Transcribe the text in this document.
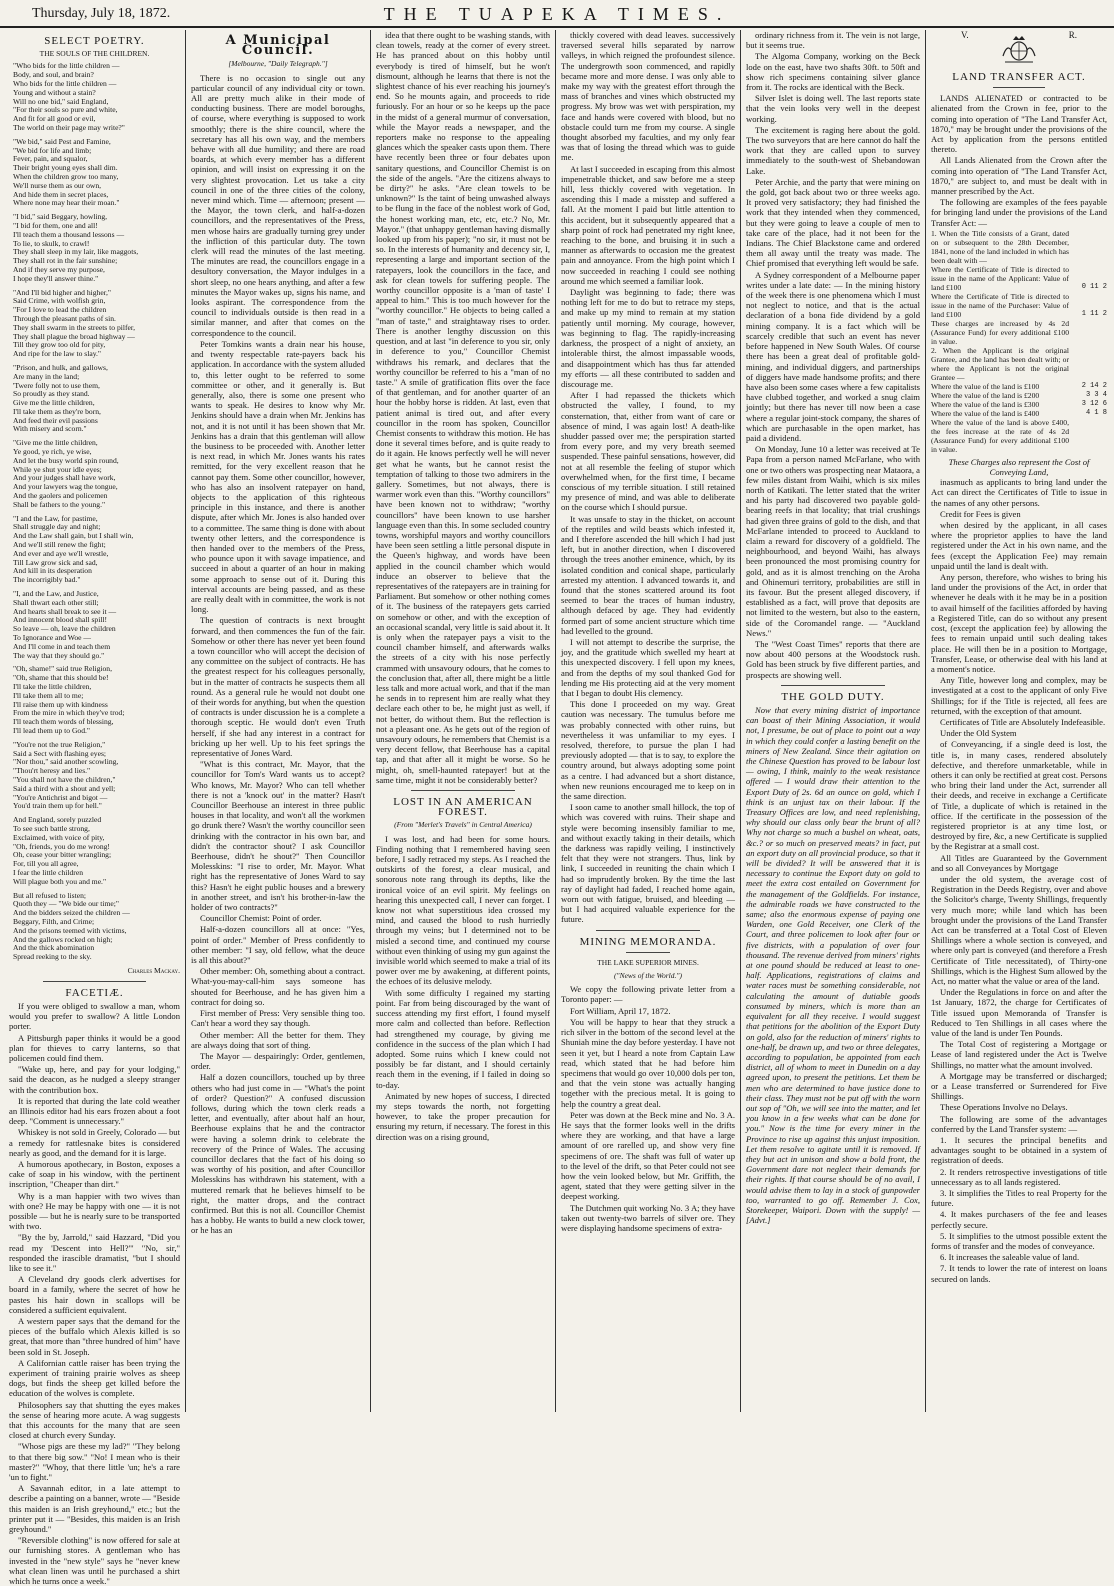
Thursday, July 18, 1872.	THE TUAPEKA TIMES.
SELECT POETRY.
THE SOULS OF THE CHILDREN.
"Who bids for the little children —
Body, and soul, and brain?
Who bids for the little children —
Young and without a stain?
Will no one bid," said England,
"For their souls so pure and white,
And fit for all good or evil,
The world on their page may write?"
"We bid," said Pest and Famine,
"We bid for life and limb;
Fever, pain, and squalor,
Their bright young eyes shall dim.
When the children grow too many,
We'll nurse them as our own,
And hide them in secret places,
Where none may hear their moan."
"I bid," said Beggary, howling,
"I bid for them, one and all!
I'll teach them a thousand lessons —
To lie, to skulk, to crawl!
They shall sleep in my lair, like maggots,
They shall rot in the fair sunshine;
And if they serve my purpose,
I hope they'll answer thine."
"And I'll bid higher and higher,"
Said Crime, with wolfish grin,
"For I love to lead the children
Through the pleasant paths of sin.
They shall swarm in the streets to pilfer,
They shall plague the broad highway —
Till they grow too old for pity,
And ripe for the law to slay."
"Prison, and hulk, and gallows,
Are many in the land;
'Twere folly not to use them,
So proudly as they stand.
Give me the little children,
I'll take them as they're born,
And feed their evil passions
With misery and scorn."
"Give me the little children,
Ye good, ye rich, ye wise,
And let the busy world spin round,
While ye shut your idle eyes;
And your judges shall have work,
And your lawyers wag the tongue,
And the gaolers and policemen
Shall be fathers to the young."
"I and the Law, for pastime,
Shall struggle day and night;
And the Law shall gain, but I shall win,
And we'll still renew the fight;
And ever and aye we'll wrestle,
Till Law grow sick and sad,
And kill in its desperation
The incorrigibly bad."
"I, and the Law, and Justice,
Shall thwart each other still;
And hearts shall break to see it —
And innocent blood shall spill!
So leave — oh, leave the children
To Ignorance and Woe —
And I'll come in and teach them
The way that they should go."
"Oh, shame!" said true Religion,
"Oh, shame that this should be!
I'll take the little children,
I'll take them all to me;
I'll raise them up with kindness
From the mire in which they've trod;
I'll teach them words of blessing,
I'll lead them up to God."
"You're not the true Religion,"
Said a Sect with flashing eyes;
"Nor thou," said another scowling,
"Thou'rt heresy and lies."
"You shall not have the children,"
Said a third with a shout and yell;
"You're Antichrist and bigot —
You'd train them up for hell."
And England, sorely puzzled
To see such battle strong,
Exclaimed, with voice of pity,
"Oh, friends, you do me wrong!
Oh, cease your bitter wrangling;
For, till you all agree,
I fear the little children
Will plague both you and me."
But all refused to listen;
Quoth they — "We bide our time;"
And the bidders seized the children —
Beggary, Filth, and Crime;
And the prisons teemed with victims,
And the gallows rocked on high;
And the thick abomination
Spread reeking to the sky.
Charles Mackay.
FACETIÆ.

If you were obliged to swallow a man, whom would you prefer to swallow? A little London porter.

A Pittsburgh paper thinks it would be a good plan for thieves to carry lanterns, so that policemen could find them.

"Wake up, here, and pay for your lodging," said the deacon, as he nudged a sleepy stranger with the contribution box.

It is reported that during the late cold weather an Illinois editor had his ears frozen about a foot deep. "Comment is unnecessary."

Whiskey is not sold in Greely, Colorado — but a remedy for rattlesnake bites is considered nearly as good, and the demand for it is large.

A humorous apothecary, in Boston, exposes a cake of soap in his window, with the pertinent inscription, "Cheaper than dirt."

Why is a man happier with two wives than with one? He may be happy with one — it is not possible — but he is nearly sure to be transported with two.

"By the by, Jarrold," said Hazzard, "Did you read my 'Descent into Hell?'" "No, sir," responded the irascible dramatist, "but I should like to see it."

A Cleveland dry goods clerk advertises for board in a family, where the secret of how he pastes his hair down in scallops will be considered a sufficient equivalent.

A western paper says that the demand for the pieces of the buffalo which Alexis killed is so great, that more than "three hundred of him" have been sold in St. Joseph.

A Californian cattle raiser has been trying the experiment of training prairie wolves as sheep dogs, but finds the sheep get killed before the education of the wolves is complete.

Philosophers say that shutting the eyes makes the sense of hearing more acute. A wag suggests that this accounts for the many that are seen closed at church every Sunday.

"Whose pigs are these my lad?" "They belong to that there big sow." "No! I mean who is their master?" "Whoy, that there little 'un; he's a rare 'un to fight."

A Savannah editor, in a late attempt to describe a painting on a banner, wrote — "Beside this maiden is an Irish greyhound," etc.; but the printer put it — "Besides, this maiden is an Irish greyhound."

"Reversible clothing" is now offered for sale at our furnishing stores. A gentleman who has invested in the "new style" says he "never knew what clean linen was until he purchased a shirt which he turns once a week."

A Municipal Council.
[Melbourne, "Daily Telegraph."]

There is no occasion to single out any particular council of any individual city or town. All are pretty much alike in their mode of conducting business. There are model boroughs, of course, where everything is supposed to work smoothly; there is the shire council, where the secretary has all his own way, and the members behave with all due humility; and there are road boards, at which every member has a different opinion, and will insist on expressing it on the very slightest provocation. Let us take a city council in one of the three cities of the colony, never mind which. Time — afternoon; present — the Mayor, the town clerk, and half-a-dozen councillors, and the representatives of the Press, men whose hairs are gradually turning grey under the infliction of this particular duty. The town clerk will read the minutes of the last meeting. The minutes are read, the councillors engage in a desultory conversation, the Mayor indulges in a short sleep, no one hears anything, and after a few minutes the Mayor wakes up, signs his name, and looks aspirant. The correspondence from the council to individuals outside is then read in a similar manner, and after that comes on the correspondence to the council.

Peter Tomkins wants a drain near his house, and twenty respectable rate-payers back his application. In accordance with the system alluded to, this letter ought to be referred to some committee or other, and it generally is. But generally, also, there is some one present who wants to speak. He desires to know why Mr. Jenkins should have a drain when Mr. Jenkins has not, and it is not until it has been shown that Mr. Jenkins has a drain that this gentleman will allow the business to be proceeded with. Another letter is next read, in which Mr. Jones wants his rates remitted, for the very excellent reason that he cannot pay them. Some other councillor, however, who has also an insolvent ratepayer on hand, objects to the application of this righteous principle in this instance, and there is another dispute, after which Mr. Jones is also handed over to a committee. The same thing is done with about twenty other letters, and the correspondence is then handed over to the members of the Press, who pounce upon it with savage impatience, and succeed in about a quarter of an hour in making some approach to sense out of it. During this interval accounts are being passed, and as these are really dealt with in committee, the work is not long.

The question of contracts is next brought forward, and then commences the fun of the fair. Somehow or other there has never yet been found a town councillor who will accept the decision of any committee on the subject of contracts. He has the greatest respect for his colleagues personally, but in the matter of contracts he suspects them all round. As a general rule he would not doubt one of their words for anything, but when the question of contracts is under discussion he is a complete a thorough sceptic. He would don't even Truth herself, if she had any interest in a contract for bricking up her well. Up to his feet springs the representative of Jones Ward.

"What is this contract, Mr. Mayor, that the councillor for Tom's Ward wants us to accept? Who knows, Mr. Mayor? Who can tell whether there is not a 'knock out' in the matter? Hasn't Councillor Beerhouse an interest in three public houses in that locality, and won't all the workmen go drunk there? Wasn't the worthy councillor seen drinking with the contractor in his own bar, and didn't the contractor shout? I ask Councillor Beerhouse, didn't he shout?" Then Councillor Molesskins: "I rise to order, Mr. Mayor. What right has the representative of Jones Ward to say this? Hasn't he eight public houses and a brewery in another street, and isn't his brother-in-law the holder of two contracts?"

Councillor Chemist: Point of order.

Half-a-dozen councillors all at once: "Yes, point of order." Member of Press confidently to other member: "I say, old fellow, what the deuce is all this about?"

Other member: Oh, something about a contract. What-you-may-call-him says someone has shouted for Beerhouse, and he has given him a contract for doing so.

First member of Press: Very sensible thing too. Can't hear a word they say though.

Other member: All the better for them. They are always doing that sort of thing.

The Mayor — despairingly: Order, gentlemen, order.

Half a dozen councillors, touched up by three others who had just come in — "What's the point of order? Question?" A confused discussion follows, during which the town clerk reads a letter, and eventually, after about half an hour, Beerhouse explains that he and the contractor were having a solemn drink to celebrate the recovery of the Prince of Wales. The accusing councillor declares that the fact of his doing so was worthy of his position, and after Councillor Molesskins has withdrawn his statement, with a muttered remark that he believes himself to be right, the matter drops, and the contract confirmed. But this is not all. Councillor Chemist has a hobby. He wants to build a new clock tower, or he has an

idea that there ought to be washing stands, with clean towels, ready at the corner of every street. He has pranced about on this hobby until everybody is tired of himself, but he won't dismount, although he learns that there is not the slightest chance of his ever reaching his journey's end. So he mounts again, and proceeds to ride furiously. For an hour or so he keeps up the pace in the midst of a general murmur of conversation, while the Mayor reads a newspaper, and the reporters make no response to the appealing glances which the speaker casts upon them. There have recently been three or four debates upon sanitary questions, and Councillor Chemist is on the side of the angels. "Are the citizens always to be dirty?" he asks. "Are clean towels to be unknown?" Is the taint of being unwashed always to be flung in the face of the noblest work of God, the honest working man, etc, etc, etc.? No, Mr. Mayor." (that unhappy gentleman having dismally looked up from his paper); "no sir, it must not be so. In the interests of humanity and decency sir, I, representing a large and important section of the ratepayers, look the councillors in the face, and ask for clean towels for suffering people. The worthy councillor opposite is a 'man of taste' I appeal to him." This is too much however for the "worthy councillor." He objects to being called a "man of taste," and straightaway rises to order. There is another lengthy discussion on this question, and at last "in deference to you sir, only in deference to you," Councillor Chemist withdraws his remark, and declares that the worthy councillor be referred to his a "man of no taste." A smile of gratification flits over the face of that gentleman, and for another quarter of an hour the hobby horse is ridden. At last, even that patient animal is tired out, and after every councillor in the room has spoken, Councillor Chemist consents to withdraw this motion. He has done it several times before, and is quite ready to do it again. He knows perfectly well he will never get what he wants, but he cannot resist the temptation of talking to those two admirers in the gallery. Sometimes, but not always, there is warmer work even than this. "Worthy councillors" have been known not to withdraw; "worthy councillors" have been known to use harsher language even than this. In some secluded country towns, worshipful mayors and worthy councillors have been seen settling a little personal dispute in the Queen's highway, and words have been applied in the council chamber which would induce an observer to believe that the representatives of the ratepayers are in training for Parliament. But somehow or other nothing comes of it. The business of the ratepayers gets carried on somehow or other, and with the exception of an occasional scandal, very little is said about it. It is only when the ratepayer pays a visit to the council chamber himself, and afterwards walks the streets of a city with his nose perfectly crammed with unsavoury odours, that he comes to the conclusion that, after all, there might be a little less talk and more actual work, and that if the man he sends in to represent him are really what they declare each other to be, he might just as well, if not better, do without them. But the reflection is not a pleasant one. As he gets out of the region of unsavoury odours, he remembers that Chemist is a very decent fellow, that Beerhouse has a capital tap, and that after all it might be worse. So he might, oh, smell-haunted ratepayer! but at the same time, might it not be considerably better?

LOST IN AN AMERICAN FOREST.
(From "Merlet's Travels" in Central America)

I was lost, and had been for some hours. Finding nothing that I remembered having seen before, I sadly retraced my steps. As I reached the outskirts of the forest, a clear musical, and sonorous note rang through its depths, like the ironical voice of an evil spirit. My feelings on hearing this unexpected call, I never can forget. I know not what superstitious idea crossed my mind, and caused the blood to rush hurriedly through my veins; but I determined not to be misled a second time, and continued my course without even thinking of using my gun against the invisible world which seemed to make a trial of its power over me by awakening, at different points, the echoes of its delusive melody.

With some difficulty I regained my starting point. Far from being discouraged by the want of success attending my first effort, I found myself more calm and collected than before. Reflection had strengthened my courage, by giving me confidence in the success of the plan which I had adopted. Some ruins which I knew could not possibly be far distant, and I should certainly reach them in the evening, if I failed in doing so to-day.

Animated by new hopes of success, I directed my steps towards the north, not forgetting however, to take the proper precaution for ensuring my return, if necessary. The forest in this direction was on a rising ground,

thickly covered with dead leaves. successively traversed several hills separated by narrow valleys, in which reigned the profoundest silence. The undergrowth soon commenced, and rapidly became more and more dense. I was only able to make my way with the greatest effort through the mass of branches and vines which obstructed my progress. My brow was wet with perspiration, my face and hands were covered with blood, but no obstacle could turn me from my course. A single thought absorbed my faculties, and my only fear was that of losing the thread which was to guide me.

At last I succeeded in escaping from this almost impenetrable thicket, and saw before me a steep hill, less thickly covered with vegetation. In ascending this I made a misstep and suffered a fall. At the moment I paid but little attention to this accident, but it subsequently appeared that a sharp point of rock had penetrated my right knee, reaching to the bone, and bruising it in such a manner as afterwards to occasion me the greatest pain and annoyance. From the high point which I now succeeded in reaching I could see nothing around me which seemed a familiar look.

Daylight was beginning to fade; there was nothing left for me to do but to retrace my steps, and make up my mind to remain at my station patiently until morning. My courage, however, was beginning to flag. The rapidly-increasing darkness, the prospect of a night of anxiety, an intolerable thirst, the almost impassable woods, and disappointment which has thus far attended my efforts — all these contributed to sadden and discourage me.

After I had repassed the thickets which obstructed the valley, I found, to my consternation, that, either from want of care or absence of mind, I was again lost! A death-like shudder passed over me; the perspiration started from every pore, and my very breath seemed suspended. These painful sensations, however, did not at all resemble the feeling of stupor which overwhelmed when, for the first time, I became conscious of my terrible situation. I still retained my presence of mind, and was able to deliberate on the course which I should pursue.

It was unsafe to stay in the thicket, on account of the reptiles and wild beasts which infested it, and I therefore ascended the hill which I had just left, but in another direction, when I discovered through the trees another eminence, which, by its isolated condition and conical shape, particularly arrested my attention. I advanced towards it, and found that the stones scattered around its foot seemed to bear the traces of human industry, although defaced by age. They had evidently formed part of some ancient structure which time had levelled to the ground.

I will not attempt to describe the surprise, the joy, and the gratitude which swelled my heart at this unexpected discovery. I fell upon my knees, and from the depths of my soul thanked God for lending me His protecting aid at the very moment that I began to doubt His clemency.

This done I proceeded on my way. Great caution was necessary. The tumulus before me was probably connected with other ruins, but nevertheless it was unfamiliar to my eyes. I resolved, therefore, to pursue the plan I had previously adopted — that is to say, to explore the country around, but always adopting some point as a centre. I had advanced but a short distance, when new reunions encouraged me to keep on in the same direction.

I soon came to another small hillock, the top of which was covered with ruins. Their shape and style were becoming insensibly familiar to me, and without exactly taking in their details, which the darkness was rapidly veiling, I instinctively felt that they were not strangers. Thus, link by link, I succeeded in reuniting the chain which I had so imprudently broken. By the time the last ray of daylight had faded, I reached home again, worn out with fatigue, bruised, and bleeding — but I had acquired valuable experience for the future.

MINING MEMORANDA.
THE LAKE SUPERIOR MINES.
("News of the World.")

We copy the following private letter from a Toronto paper: —

Fort William, April 17, 1872.

You will be happy to hear that they struck a rich silver in the bottom of the second level at the Shuniah mine the day before yesterday. I have not seen it yet, but I heard a note from Captain Law read, which stated that he had before him specimens that would go over 10,000 dols per ton, and that the vein stone was actually hanging together with the precious metal. It is going to help the country a great deal.

Peter was down at the Beck mine and No. 3 A. He says that the former looks well in the drifts where they are working, and that have a large amount of ore rarelled up, and show very fine specimens of ore. The shaft was full of water up to the level of the drift, so that Peter could not see how the vein looked below, but Mr. Griffith, the agent, stated that they were getting silver in the deepest working.

The Dutchmen quit working No. 3 A; they have taken out twenty-two barrels of silver ore. They were displaying handsome specimens of extra-

ordinary richness from it. The vein is not large, but it seems true.

The Algoma Company, working on the Beck lode on the east, have two shafts 30ft. to 50ft and show rich specimens containing silver glance from it. The rocks are identical with the Beck.

Silver Islet is doing well. The last reports state that the vein looks very well in the deepest working.

The excitement is raging here about the gold. The two surveyors that are here cannot do half the work that they are called upon to survey immediately to the south-west of Shebandowan Lake.

Peter Archie, and the party that were mining on the gold, got back about two or three weeks ago. It proved very satisfactory; they had finished the work that they intended when they commenced, but they were going to leave a couple of men to take care of the place, had it not been for the Indians. The Chief Blackstone came and ordered them all away until the treaty was made. The Chief promised that everything left would be safe.

A Sydney correspondent of a Melbourne paper writes under a late date: — In the mining history of the week there is one phenomena which I must not neglect to notice, and that is the actual declaration of a bona fide dividend by a gold mining company. It is a fact which will be scarcely credible that such an event has never before happened in New South Wales. Of course there has been a great deal of profitable gold-mining, and individual diggers, and partnerships of diggers have made handsome profits; and there have also been some cases where a few capitalists have clubbed together, and worked a snug claim jointly; but there has never till now been a case where a regular joint-stock company, the shares of which are purchasable in the open market, has paid a dividend.

On Monday, June 10 a letter was received at Te Papa from a person named McFarlane, who with one or two others was prospecting near Mataora, a few miles distant from Waihi, which is six miles north of Katikati. The letter stated that the writer and his party had discovered two payable gold-bearing reefs in that locality; that trial crushings had given three grains of gold to the dish, and that McFarlane intended to proceed to Auckland to claim a reward for discovery of a goldfield. The neighbourhood, and beyond Waihi, has always been pronounced the most promising country for gold, and as it is almost trenching on the Aroha and Ohinemuri territory, probabilities are still in its favour. But the present alleged discovery, if established as a fact, will prove that deposits are not limited to the western, but also to the eastern, side of the Coromandel range. — "Auckland News."

The "West Coast Times" reports that there are now about 400 persons at the Woodstock rush. Gold has been struck by five different parties, and prospects are showing well.

THE GOLD DUTY.

Now that every mining district of importance can boast of their Mining Association, it would not, I presume, be out of place to point out a way in which they could confer a lasting benefit on the miners of New Zealand. Since their agitation on the Chinese Question has proved to be labour lost — owing, I think, mainly to the weak resistance offered — I would draw their attention to the Export Duty of 2s. 6d an ounce on gold, which I think is an unjust tax on their labour. If the Treasury Offices are low, and need replenishing, why should our class only bear the brunt of all? Why not charge so much a bushel on wheat, oats, &c.? or so much on preserved meats? in fact, put an export duty on all provincial produce, so that it will be divided? It will be answered that it is necessary to continue the Export duty on gold to meet the extra cost entailed on Government for the management of the Goldfields. For instance, the admirable roads we have constructed to the same; also the enormous expense of paying one Warden, one Gold Receiver, one Clerk of the Court, and three policemen to look after four or five districts, with a population of over four thousand. The revenue derived from miners' rights at one pound should be reduced at least to one-half. Applications, registrations of claims and water races must be something considerable, not calculating the amount of dutiable goods consumed by miners, which is more than an equivalent for all they receive. I would suggest that petitions for the abolition of the Export Duty on gold, also for the reduction of miners' rights to one-half, be drawn up, and two or three delegates, according to population, be appointed from each district, all of whom to meet in Dunedin on a day agreed upon, to present the petitions. Let them be men who are determined to have justice done to their class. They must not be put off with the worn out sop of "Oh, we will see into the matter, and let you know in a few weeks what can be done for you." Now is the time for every miner in the Province to rise up against this unjust imposition. Let them resolve to agitate until it is removed. If they but act in unison and show a bold front, the Government dare not neglect their demands for their rights. If that course should be of no avail, I would advise them to lay in a stock of gunpowder too, warranted to go off. Remember J. Cox, Storekeeper, Waipori. Down with the supply! — [Advt.]

V.	R.
LAND TRANSFER ACT.

LANDS ALIENATED or contracted to be alienated from the Crown in fee, prior to the coming into operation of "The Land Transfer Act, 1870," may be brought under the provisions of the Act by application from the persons entitled thereto.

All Lands Alienated from the Crown after the coming into operation of "The Land Transfer Act, 1870," are subject to, and must be dealt with in manner prescribed by the Act.

The following are examples of the fees payable for bringing land under the provisions of the Land Transfer Act: —

1. When the Title consists of a Grant, dated on or subsequent to the 28th December, 1841, none of the land included in which has been dealt with —	
Where the Certificate of Title is directed to issue in the name of the Applicant: Value of land £100	0 11 2
Where the Certificate of Title is directed to issue in the name of the Purchaser: Value of land £100	1 11 2
These charges are increased by 4s 2d (Assurance Fund) for every additional £100 in value.	
2. When the Applicant is the original Grantee, and the land has been dealt with; or where the Applicant is not the original Grantee —	
Where the value of the land is £100	2 14 2
Where the value of the land is £200	3 3 4
Where the value of the land is £300	3 12 6
Where the value of the land is £400	4 1 8
Where the value of the land is above £400, the fees increase at the rate of 4s 2d (Assurance Fund) for every additional £100 in value.	
These Charges also represent the Cost of Conveying Land,

inasmuch as applicants to bring land under the Act can direct the Certificates of Title to issue in the names of any other persons.

Credit for Fees is given

when desired by the applicant, in all cases where the proprietor applies to have the land registered under the Act in his own name, and the fees (except the Application Fee) may remain unpaid until the land is dealt with.

Any person, therefore, who wishes to bring his land under the provisions of the Act, in order that whenever he deals with it he may be in a position to avail himself of the facilities afforded by having a Registered Title, can do so without any present cost, (except the application fee) by allowing the fees to remain unpaid until such dealing takes place. He will then be in a position to Mortgage, Transfer, Lease, or otherwise deal with his land at a moment's notice.

Any Title, however long and complex, may be investigated at a cost to the applicant of only Five Shillings; for if the Title is rejected, all fees are returned, with the exception of that amount.

Certificates of Title are Absolutely Indefeasible.

Under the Old System

of Conveyancing, if a single deed is lost, the title is, in many cases, rendered absolutely defective, and therefore unmarketable, while in others it can only be rectified at great cost. Persons who bring their land under the Act, surrender all their deeds, and receive in exchange a Certificate of Title, a duplicate of which is retained in the office. If the certificate in the possession of the registered proprietor is at any time lost, or destroyed by fire, &c, a new Certificate is supplied by the Registrar at a small cost.

All Titles are Guaranteed by the Government and so all Conveyances by Mortgage

under the old system, the average cost of Registration in the Deeds Registry, over and above the Solicitor's charge, Twenty Shillings, frequently very much more; while land which has been brought under the provisions of the Land Transfer Act can be transferred at a Total Cost of Eleven Shillings where a whole section is conveyed, and where only part is conveyed (and therefore a Fresh Certificate of Title necessitated), of Thirty-one Shillings, which is the Highest Sum allowed by the Act, no matter what the value or area of the land.

Under the Regulations in force on and after the 1st January, 1872, the charge for Certificates of Title issued upon Memoranda of Transfer is Reduced to Ten Shillings in all cases where the value of the land is under Ten Pounds.

The Total Cost of registering a Mortgage or Lease of land registered under the Act is Twelve Shillings, no matter what the amount involved.

A Mortgage may be transferred or discharged; or a Lease transferred or Surrendered for Five Shillings.

These Operations Involve no Delays.

The following are some of the advantages conferred by the Land Transfer system: —

1. It secures the principal benefits and advantages sought to be obtained in a system of registration of deeds.

2. It renders retrospective investigations of title unnecessary as to all lands registered.

3. It simplifies the Titles to real Property for the future.

4. It makes purchasers of the fee and leases perfectly secure.

5. It simplifies to the utmost possible extent the forms of transfer and the modes of conveyance.

6. It increases the saleable value of land.

7. It tends to lower the rate of interest on loans secured on lands.
